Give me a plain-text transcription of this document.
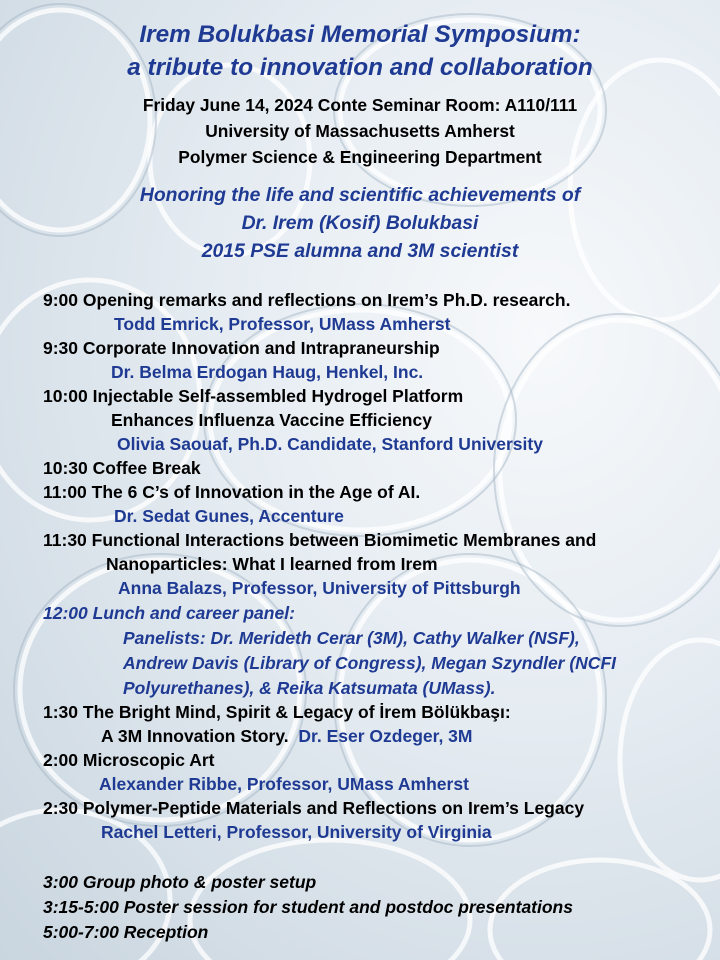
Irem Bolukbasi Memorial Symposium:
a tribute to innovation and collaboration
Friday June 14, 2024 Conte Seminar Room: A110/111
University of Massachusetts Amherst
Polymer Science & Engineering Department
Honoring the life and scientific achievements of
Dr. Irem (Kosif) Bolukbasi
2015 PSE alumna and 3M scientist
9:00 Opening remarks and reflections on Irem’s Ph.D. research.
Todd Emrick, Professor, UMass Amherst
9:30 Corporate Innovation and Intrapraneurship
Dr. Belma Erdogan Haug, Henkel, Inc.
10:00 Injectable Self-assembled Hydrogel Platform
Enhances Influenza Vaccine Efficiency
Olivia Saouaf, Ph.D. Candidate, Stanford University
10:30 Coffee Break
11:00 The 6 C’s of Innovation in the Age of AI.
Dr. Sedat Gunes, Accenture
11:30 Functional Interactions between Biomimetic Membranes and
Nanoparticles: What I learned from Irem
Anna Balazs, Professor, University of Pittsburgh
12:00 Lunch and career panel:
Panelists: Dr. Merideth Cerar (3M), Cathy Walker (NSF),
Andrew Davis (Library of Congress), Megan Szyndler (NCFI
Polyurethanes), & Reika Katsumata (UMass).
1:30 The Bright Mind, Spirit & Legacy of İrem Bölükbaşı:
A 3M Innovation Story. Dr. Eser Ozdeger, 3M
2:00 Microscopic Art
Alexander Ribbe, Professor, UMass Amherst
2:30 Polymer-Peptide Materials and Reflections on Irem’s Legacy
Rachel Letteri, Professor, University of Virginia
3:00 Group photo & poster setup
3:15-5:00 Poster session for student and postdoc presentations
5:00-7:00 Reception
